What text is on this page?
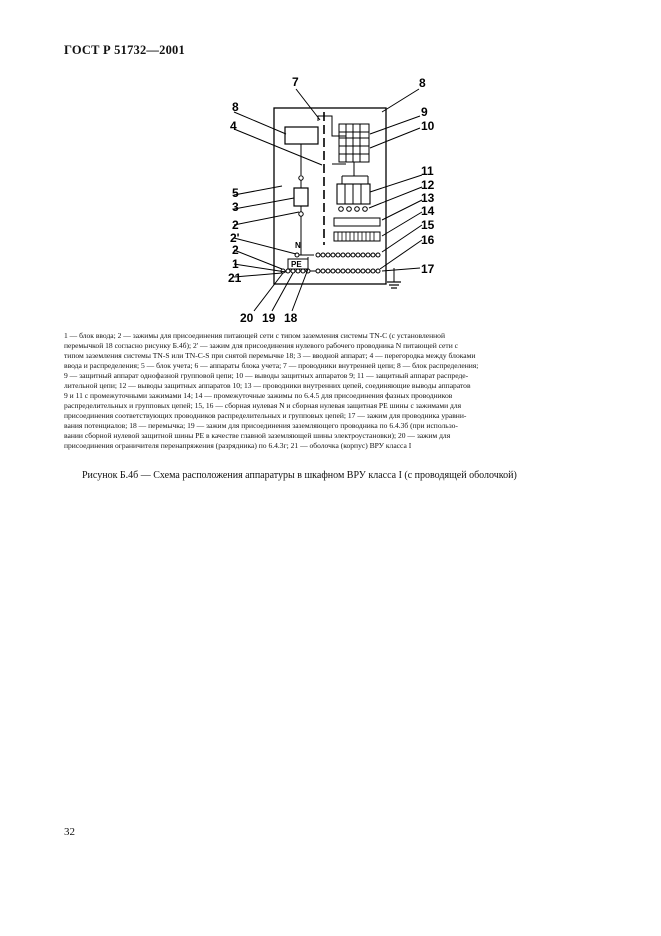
ГОСТ Р 51732—2001
N
PE
7	8
9
10
8
4
11
12
13
5
3	14
15
2
2'
2
16
1	17
21
20 19 18
1 — блок ввода; 2 — зажимы для присоединения питающей сети с типом заземления системы TN-C (с установленной
перемычкой 18 согласно рисунку Б.4б); 2' — зажим для присоединения нулевого рабочего проводника N питающей сети с
типом заземления системы TN-S или TN-C-S при снятой перемычке 18; 3 — вводной аппарат; 4 — перегородка между блоками
ввода и распределения; 5 — блок учета; 6 — аппараты блока учета; 7 — проводники внутренней цепи; 8 — блок распределения;
9 — защитный аппарат однофазной групповой цепи; 10 — выводы защитных аппаратов 9; 11 — защитный аппарат распреде-
лительной цепи; 12 — выводы защитных аппаратов 10; 13 — проводники внутренних цепей, соединяющие выводы аппаратов
9 и 11 с промежуточными зажимами 14; 14 — промежуточные зажимы по 6.4.5 для присоединения фазных проводников
распределительных и групповых цепей; 15, 16 — сборная нулевая N и сборная нулевая защитная PE шины с зажимами для
присоединения соответствующих проводников распределительных и групповых цепей; 17 — зажим для проводника уравни-
вания потенциалов; 18 — перемычка; 19 — зажим для присоединения заземляющего проводника по 6.4.3б (при использо-
вании сборной нулевой защитной шины PE в качестве главной заземляющей шины электроустановки); 20 — зажим для
присоединения ограничителя перенапряжения (разрядника) по 6.4.3г; 21 — оболочка (корпус) ВРУ класса I
Рисунок Б.4б — Схема расположения аппаратуры в шкафном ВРУ класса I (с проводящей оболочкой)
32
